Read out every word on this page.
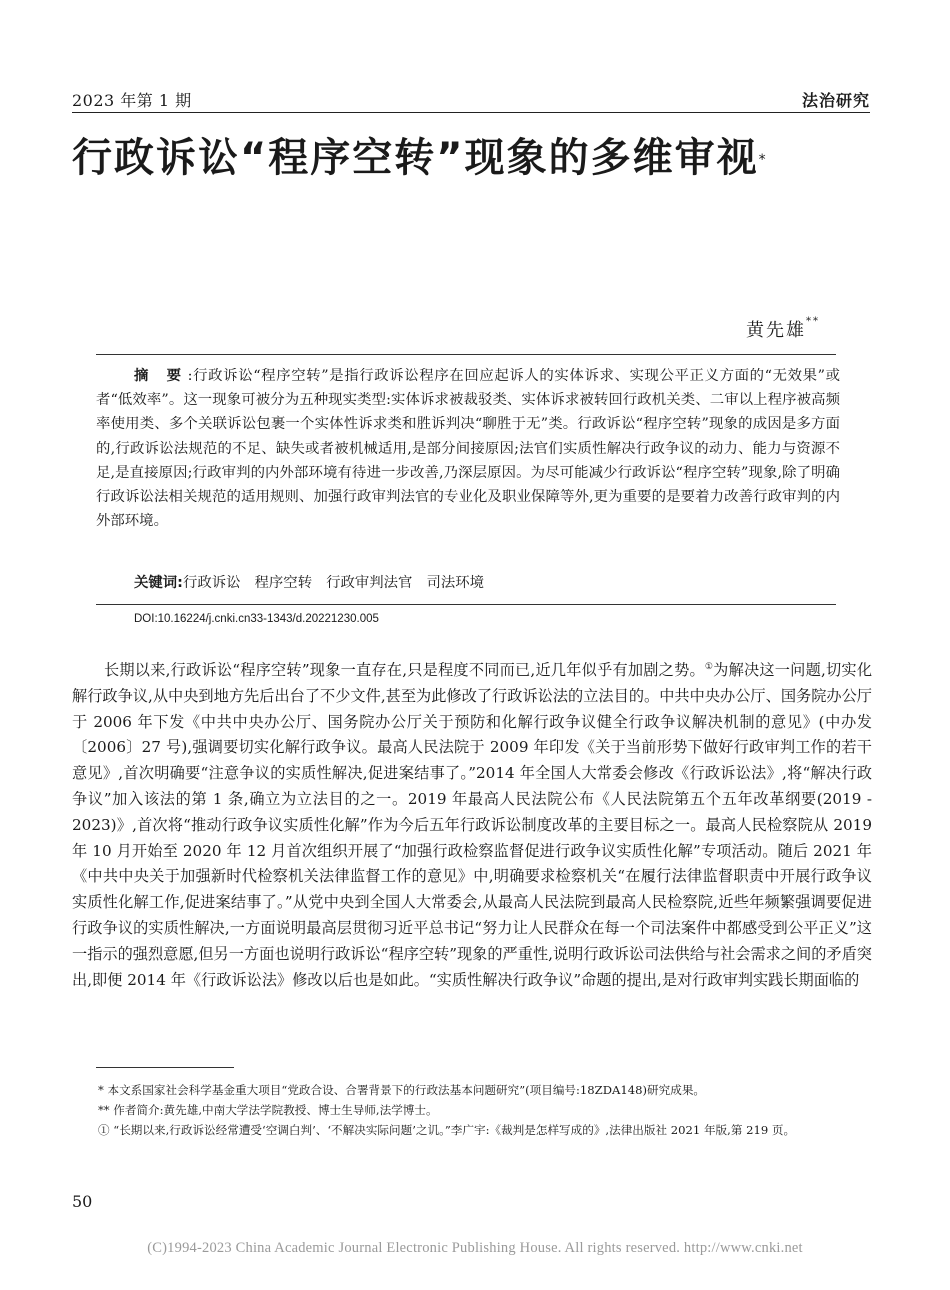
2023 年第 1 期	法治研究
行政诉讼“程序空转”现象的多维审视*
黄先雄**
摘 要:行政诉讼“程序空转”是指行政诉讼程序在回应起诉人的实体诉求、实现公平正义方面的“无效果”或者“低效率”。这一现象可被分为五种现实类型:实体诉求被裁驳类、实体诉求被转回行政机关类、二审以上程序被高频率使用类、多个关联诉讼包裹一个实体性诉求类和胜诉判决“聊胜于无”类。行政诉讼“程序空转”现象的成因是多方面的,行政诉讼法规范的不足、缺失或者被机械适用,是部分间接原因;法官们实质性解决行政争议的动力、能力与资源不足,是直接原因;行政审判的内外部环境有待进一步改善,乃深层原因。为尽可能减少行政诉讼“程序空转”现象,除了明确行政诉讼法相关规范的适用规则、加强行政审判法官的专业化及职业保障等外,更为重要的是要着力改善行政审判的内外部环境。
关键词:行政诉讼 程序空转 行政审判法官 司法环境
DOI:10.16224/j.cnki.cn33-1343/d.20221230.005

长期以来,行政诉讼“程序空转”现象一直存在,只是程度不同而已,近几年似乎有加剧之势。①为解决这一问题,切实化解行政争议,从中央到地方先后出台了不少文件,甚至为此修改了行政诉讼法的立法目的。中共中央办公厅、国务院办公厅于 2006 年下发《中共中央办公厅、国务院办公厅关于预防和化解行政争议健全行政争议解决机制的意见》(中办发〔2006〕27 号),强调要切实化解行政争议。最高人民法院于 2009 年印发《关于当前形势下做好行政审判工作的若干意见》,首次明确要“注意争议的实质性解决,促进案结事了。”2014 年全国人大常委会修改《行政诉讼法》,将“解决行政争议”加入该法的第 1 条,确立为立法目的之一。2019 年最高人民法院公布《人民法院第五个五年改革纲要(2019 - 2023)》,首次将“推动行政争议实质性化解”作为今后五年行政诉讼制度改革的主要目标之一。最高人民检察院从 2019 年 10 月开始至 2020 年 12 月首次组织开展了“加强行政检察监督促进行政争议实质性化解”专项活动。随后 2021 年《中共中央关于加强新时代检察机关法律监督工作的意见》中,明确要求检察机关“在履行法律监督职责中开展行政争议实质性化解工作,促进案结事了。”从党中央到全国人大常委会,从最高人民法院到最高人民检察院,近些年频繁强调要促进行政争议的实质性解决,一方面说明最高层贯彻习近平总书记“努力让人民群众在每一个司法案件中都感受到公平正义”这一指示的强烈意愿,但另一方面也说明行政诉讼“程序空转”现象的严重性,说明行政诉讼司法供给与社会需求之间的矛盾突出,即便 2014 年《行政诉讼法》修改以后也是如此。“实质性解决行政争议”命题的提出,是对行政审判实践长期面临的

* 本文系国家社会科学基金重大项目“党政合设、合署背景下的行政法基本问题研究”(项目编号:18ZDA148)研究成果。

** 作者简介:黄先雄,中南大学法学院教授、博士生导师,法学博士。

① “长期以来,行政诉讼经常遭受‘空调白判’、‘不解决实际问题’之讥。”李广宇:《裁判是怎样写成的》,法律出版社 2021 年版,第 219 页。

50
(C)1994-2023 China Academic Journal Electronic Publishing House. All rights reserved. http://www.cnki.net
